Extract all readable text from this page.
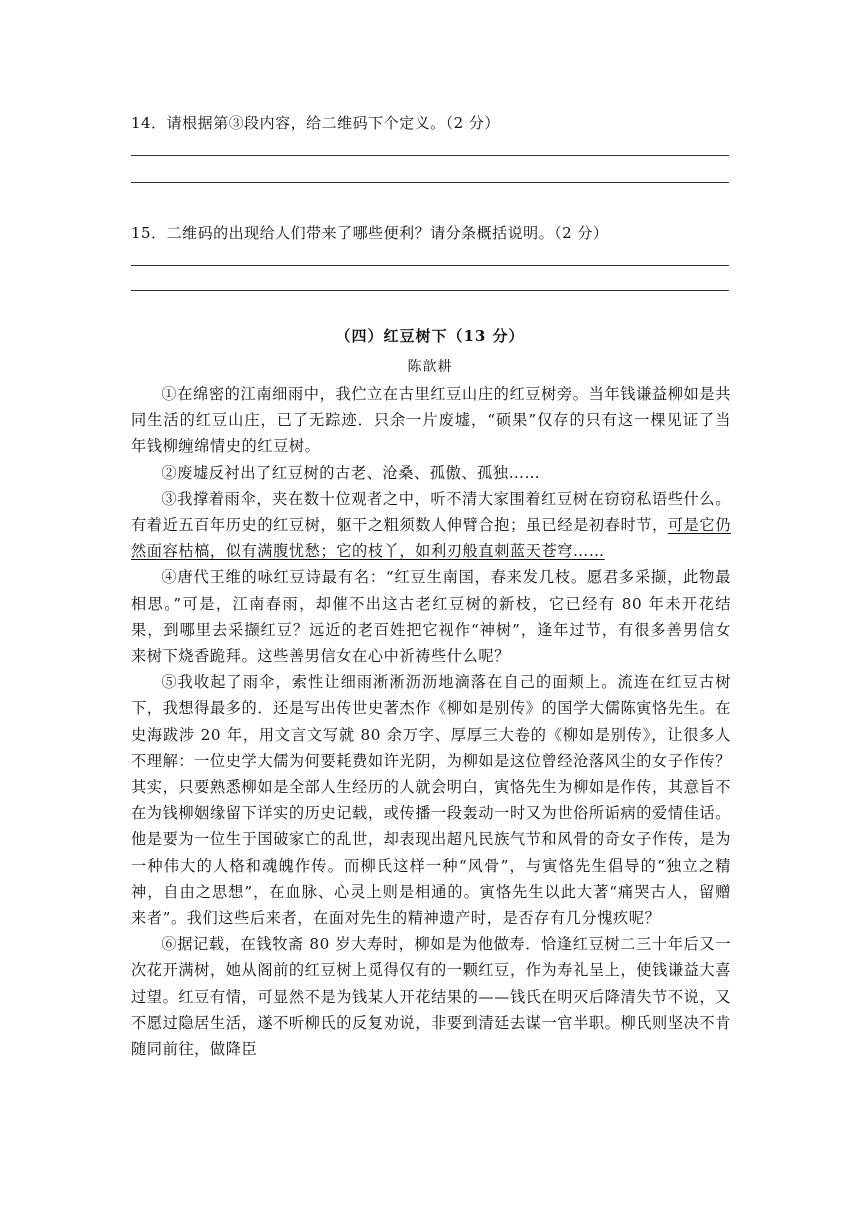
14．请根据第③段内容，给二维码下个定义。（2 分）
15．二维码的出现给人们带来了哪些便利？请分条概括说明。（2 分）
（四）红豆树下（13 分）
陈歆耕

①在绵密的江南细雨中，我伫立在古里红豆山庄的红豆树旁。当年钱谦益柳如是共同生活的红豆山庄，已了无踪迹．只余一片废墟，“硕果”仅存的只有这一棵见证了当年钱柳缠绵情史的红豆树。

②废墟反衬出了红豆树的古老、沧桑、孤傲、孤独……

③我撑着雨伞，夹在数十位观者之中，听不清大家围着红豆树在窃窃私语些什么。有着近五百年历史的红豆树，躯干之粗须数人伸臂合抱；虽已经是初春时节，可是它仍然面容枯槁，似有满腹忧愁；它的枝丫，如利刃般直刺蓝天苍穹……

④唐代王维的咏红豆诗最有名：“红豆生南国，春来发几枝。愿君多采撷，此物最相思。”可是，江南春雨，却催不出这古老红豆树的新枝，它已经有 80 年未开花结果，到哪里去采撷红豆？远近的老百姓把它视作“神树”，逢年过节，有很多善男信女来树下烧香跪拜。这些善男信女在心中祈祷些什么呢？

⑤我收起了雨伞，索性让细雨淅淅沥沥地滴落在自己的面颊上。流连在红豆古树下，我想得最多的．还是写出传世史著杰作《柳如是别传》的国学大儒陈寅恪先生。在史海跋涉 20 年，用文言文写就 80 余万字、厚厚三大卷的《柳如是别传》，让很多人不理解：一位史学大儒为何要耗费如许光阴，为柳如是这位曾经沧落风尘的女子作传？其实，只要熟悉柳如是全部人生经历的人就会明白，寅恪先生为柳如是作传，其意旨不在为钱柳姻缘留下详实的历史记载，或传播一段轰动一时又为世俗所诟病的爱情佳话。他是要为一位生于国破家亡的乱世，却表现出超凡民族气节和风骨的奇女子作传，是为一种伟大的人格和魂魄作传。而柳氏这样一种“风骨”，与寅恪先生倡导的“独立之精神，自由之思想”，在血脉、心灵上则是相通的。寅恪先生以此大著“痛哭古人，留赠来者”。我们这些后来者，在面对先生的精神遗产时，是否存有几分愧疚呢？

⑥据记载，在钱牧斋 80 岁大寿时，柳如是为他做寿．恰逢红豆树二三十年后又一次花开满树，她从阁前的红豆树上觅得仅有的一颗红豆，作为寿礼呈上，使钱谦益大喜过望。红豆有情，可显然不是为钱某人开花结果的——钱氏在明灭后降清失节不说，又不愿过隐居生活，遂不听柳氏的反复劝说，非要到清廷去谋一官半职。柳氏则坚决不肯随同前往，做降臣
